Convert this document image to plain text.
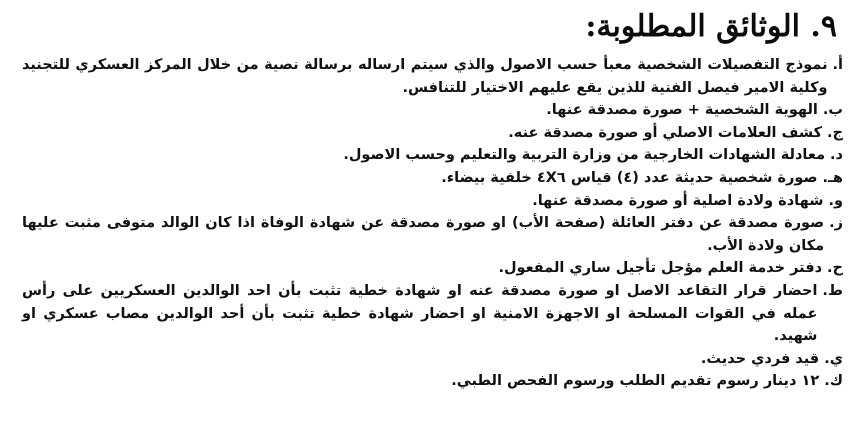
٩. الوثائق المطلوبة:
أ.
نموذج التفصيلات الشخصية معبأ حسب الاصول والذي سيتم ارساله برسالة نصية من خلال المركز العسكري للتجنيد وكلية الامير فيصل الفنية للذين يقع عليهم الاختيار للتنافس.
ب.
الهوية الشخصية + صورة مصدقة عنها.
ج.
كشف العلامات الاصلي أو صورة مصدقة عنه.
د.
معادلة الشهادات الخارجية من وزارة التربية والتعليم وحسب الاصول.
هـ.
صورة شخصية حديثة عدد (٤) قياس ٤X٦ خلفية بيضاء.
و.
شهادة ولادة اصلية أو صورة مصدقة عنها.
ز.
صورة مصدقة عن دفتر العائلة (صفحة الأب) او صورة مصدقة عن شهادة الوفاة اذا كان الوالد متوفى مثبت عليها مكان ولادة الأب.
ح.
دفتر خدمة العلم مؤجل تأجيل ساري المفعول.
ط.
احضار قرار التقاعد الاصل او صورة مصدقة عنه او شهادة خطية تثبت بأن احد الوالدين العسكريين على رأس عمله في القوات المسلحة او الاجهزة الامنية او احضار شهادة خطية تثبت بأن أحد الوالدين مصاب عسكري او شهيد.
ي.
قيد فردي حديث.
ك.
١٢ دينار رسوم تقديم الطلب ورسوم الفحص الطبي.
